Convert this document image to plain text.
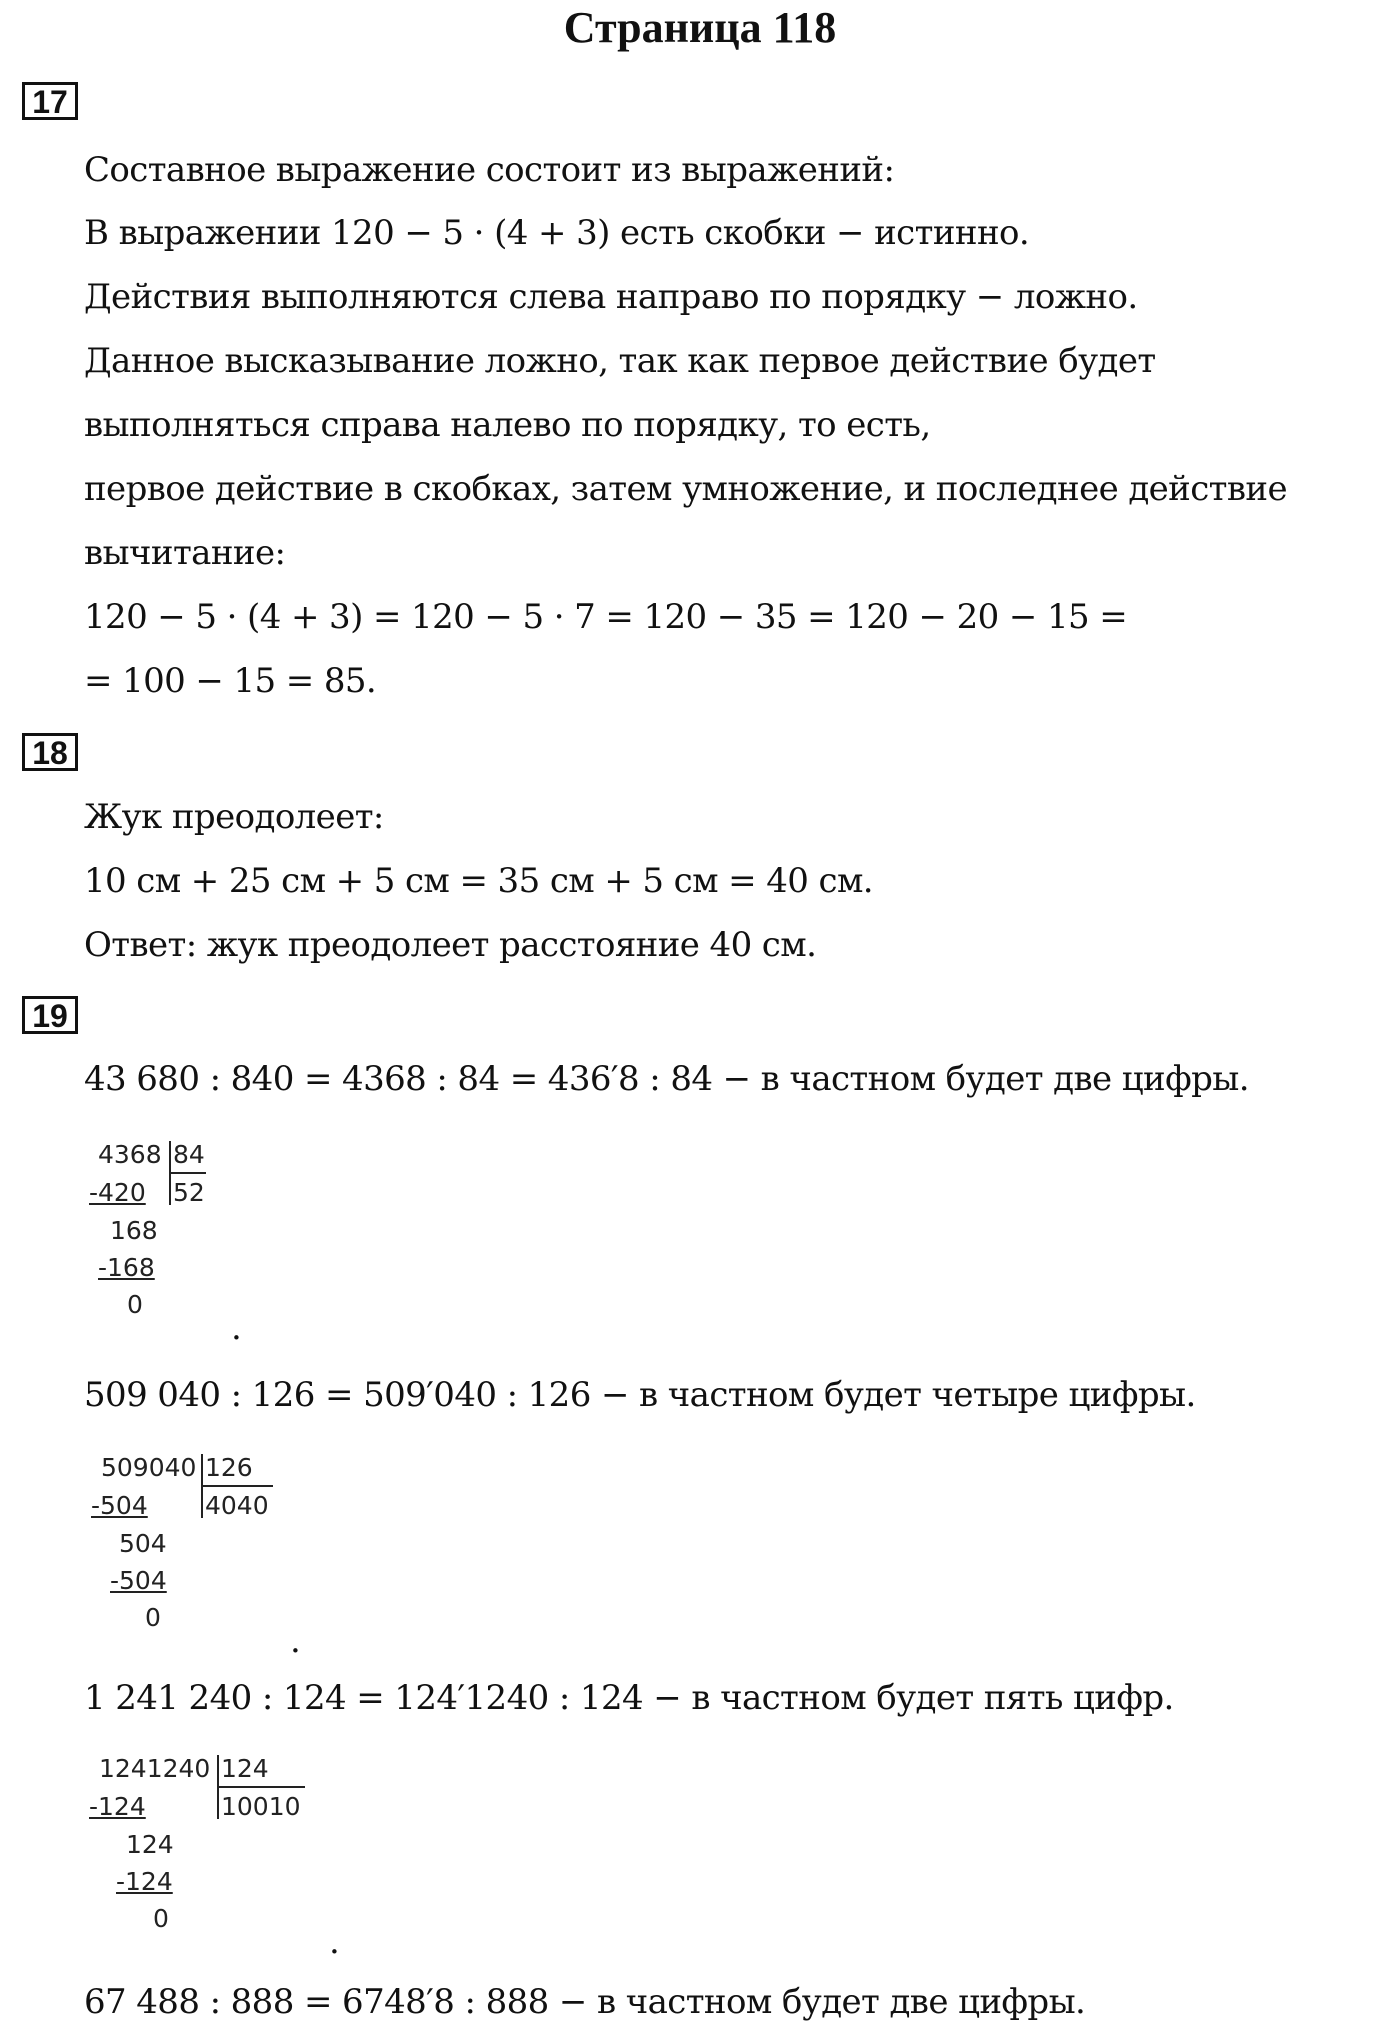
Страница 118
17
Составное выражение состоит из выражений:
В выражении 120 − 5 · (4 + 3) есть скобки − истинно.
Действия выполняются слева направо по порядку − ложно.
Данное высказывание ложно, так как первое действие будет
выполняться справа налево по порядку, то есть,
первое действие в скобках, затем умножение, и последнее действие
вычитание:
120 − 5 · (4 + 3) = 120 − 5 · 7 = 120 − 35 = 120 − 20 − 15 =
= 100 − 15 = 85.
18
Жук преодолеет:
10 см + 25 см + 5 см = 35 см + 5 см = 40 см.
Ответ: жук преодолеет расстояние 40 см.
19
43 680 : 840 = 4368 : 84 = 436′8 : 84 − в частном будет две цифры.
4368 84
52
-420
168
-168
0
.
509 040 : 126 = 509′040 : 126 − в частном будет четыре цифры.
509040 126
4040
-504
504
-504
0
.
1 241 240 : 124 = 124′1240 : 124 − в частном будет пять цифр.
1241240 124
10010
-124
124
-124
0
.
67 488 : 888 = 6748′8 : 888 − в частном будет две цифры.
